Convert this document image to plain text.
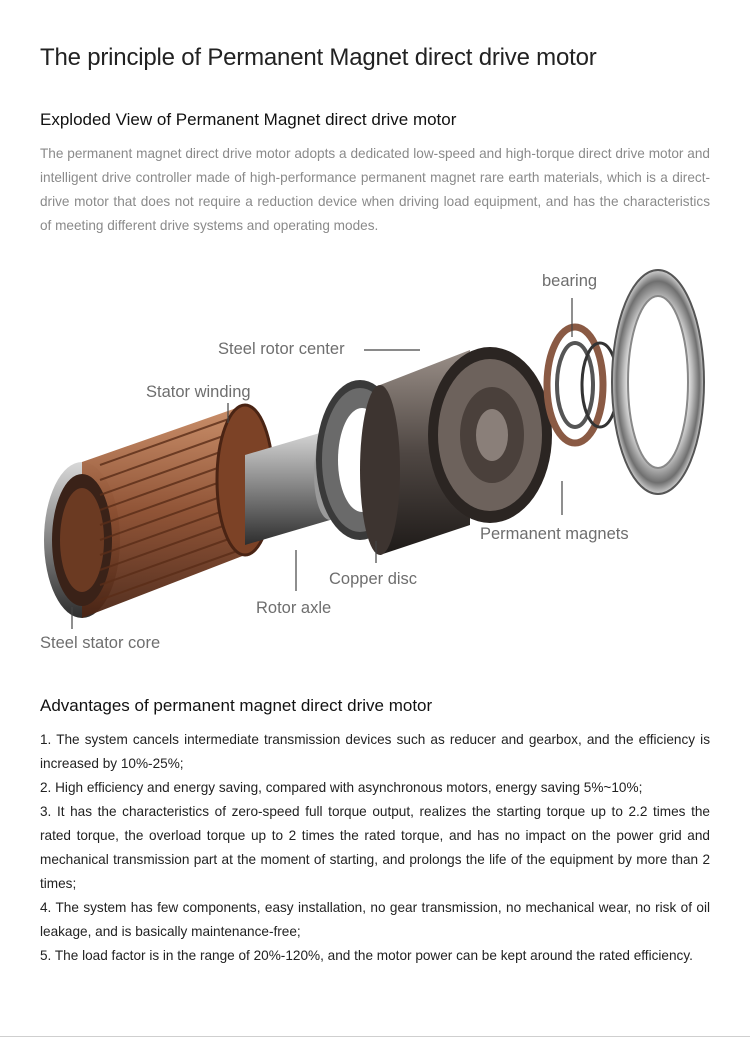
The principle of Permanent Magnet direct drive motor
Exploded View of Permanent Magnet direct drive motor

The permanent magnet direct drive motor adopts a dedicated low-speed and high-torque direct drive motor and intelligent drive controller made of high-performance permanent magnet rare earth materials, which is a direct-drive motor that does not require a reduction device when driving load equipment, and has the characteristics of meeting different drive systems and operating modes.

bearing
Steel rotor center
Stator winding
Permanent magnets
Copper disc
Rotor axle
Steel stator core
Advantages of permanent magnet direct drive motor
1. The system cancels intermediate transmission devices such as reducer and gearbox, and the efficiency is increased by 10%-25%;
2. High efficiency and energy saving, compared with asynchronous motors, energy saving 5%~10%;
3. It has the characteristics of zero-speed full torque output, realizes the starting torque up to 2.2 times the rated torque, the overload torque up to 2 times the rated torque, and has no impact on the power grid and mechanical transmission part at the moment of starting, and prolongs the life of the equipment by more than 2 times;
4. The system has few components, easy installation, no gear transmission, no mechanical wear, no risk of oil leakage, and is basically maintenance-free;
5. The load factor is in the range of 20%-120%, and the motor power can be kept around the rated efficiency.
